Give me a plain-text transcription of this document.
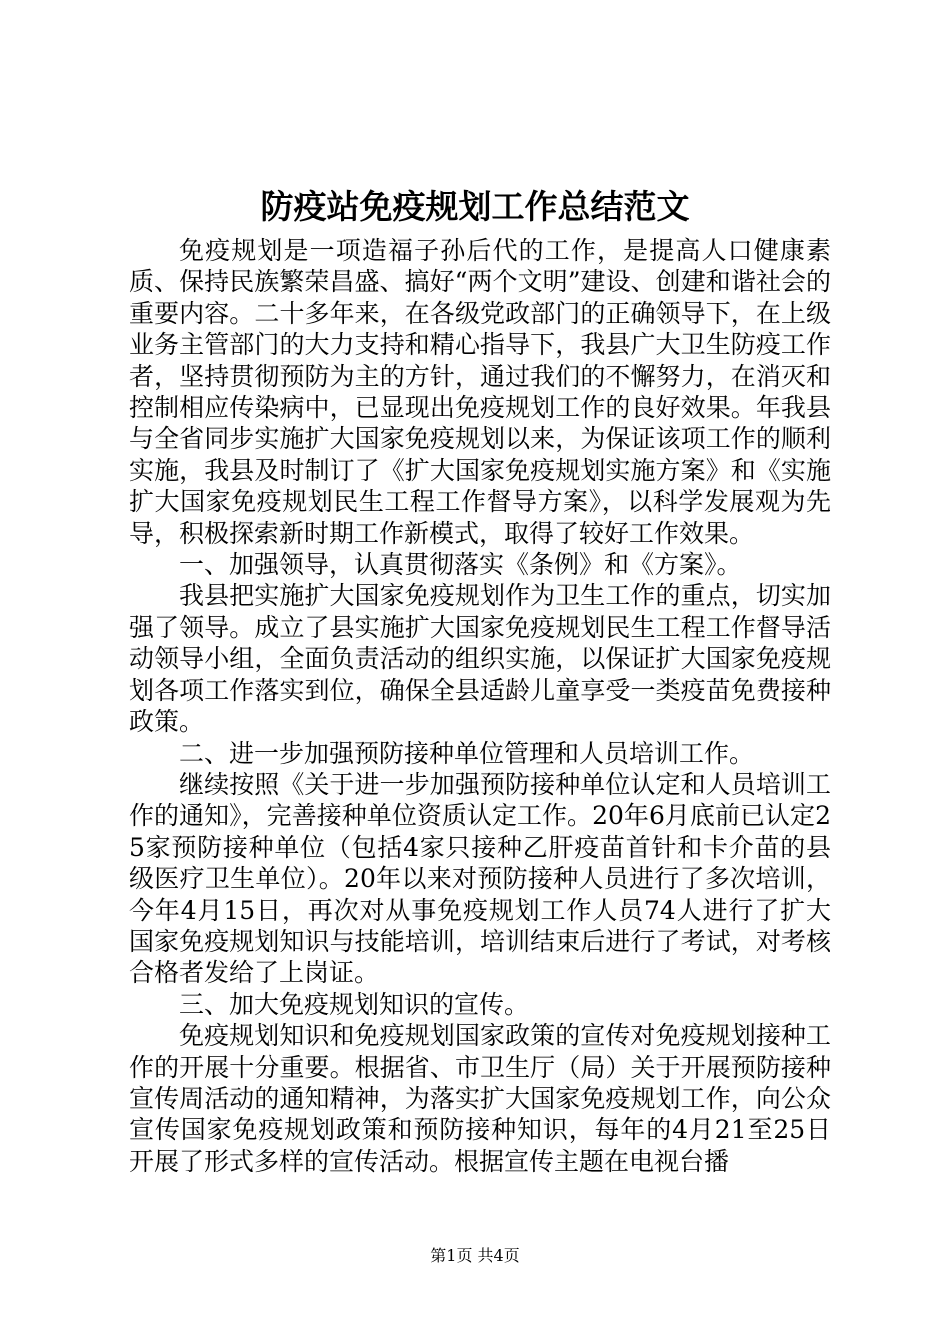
防疫站免疫规划工作总结范文

免疫规划是一项造福子孙后代的工作，是提高人口健康素质、保持民族繁荣昌盛、搞好“两个文明”建设、创建和谐社会的重要内容。二十多年来，在各级党政部门的正确领导下，在上级业务主管部门的大力支持和精心指导下，我县广大卫生防疫工作者，坚持贯彻预防为主的方针，通过我们的不懈努力，在消灭和控制相应传染病中，已显现出免疫规划工作的良好效果。年我县与全省同步实施扩大国家免疫规划以来，为保证该项工作的顺利实施，我县及时制订了《扩大国家免疫规划实施方案》和《实施扩大国家免疫规划民生工程工作督导方案》，以科学发展观为先导，积极探索新时期工作新模式，取得了较好工作效果。

一、加强领导，认真贯彻落实《条例》和《方案》。

我县把实施扩大国家免疫规划作为卫生工作的重点，切实加强了领导。成立了县实施扩大国家免疫规划民生工程工作督导活动领导小组，全面负责活动的组织实施，以保证扩大国家免疫规划各项工作落实到位，确保全县适龄儿童享受一类疫苗免费接种政策。

二、进一步加强预防接种单位管理和人员培训工作。

继续按照《关于进一步加强预防接种单位认定和人员培训工作的通知》，完善接种单位资质认定工作。20年6月底前已认定25家预防接种单位（包括4家只接种乙肝疫苗首针和卡介苗的县级医疗卫生单位）。20年以来对预防接种人员进行了多次培训，今年4月15日，再次对从事免疫规划工作人员74人进行了扩大国家免疫规划知识与技能培训，培训结束后进行了考试，对考核合格者发给了上岗证。

三、加大免疫规划知识的宣传。

免疫规划知识和免疫规划国家政策的宣传对免疫规划接种工作的开展十分重要。根据省、市卫生厅（局）关于开展预防接种宣传周活动的通知精神，为落实扩大国家免疫规划工作，向公众宣传国家免疫规划政策和预防接种知识，每年的4月21至25日开展了形式多样的宣传活动。根据宣传主题在电视台播

第1页 共4页
